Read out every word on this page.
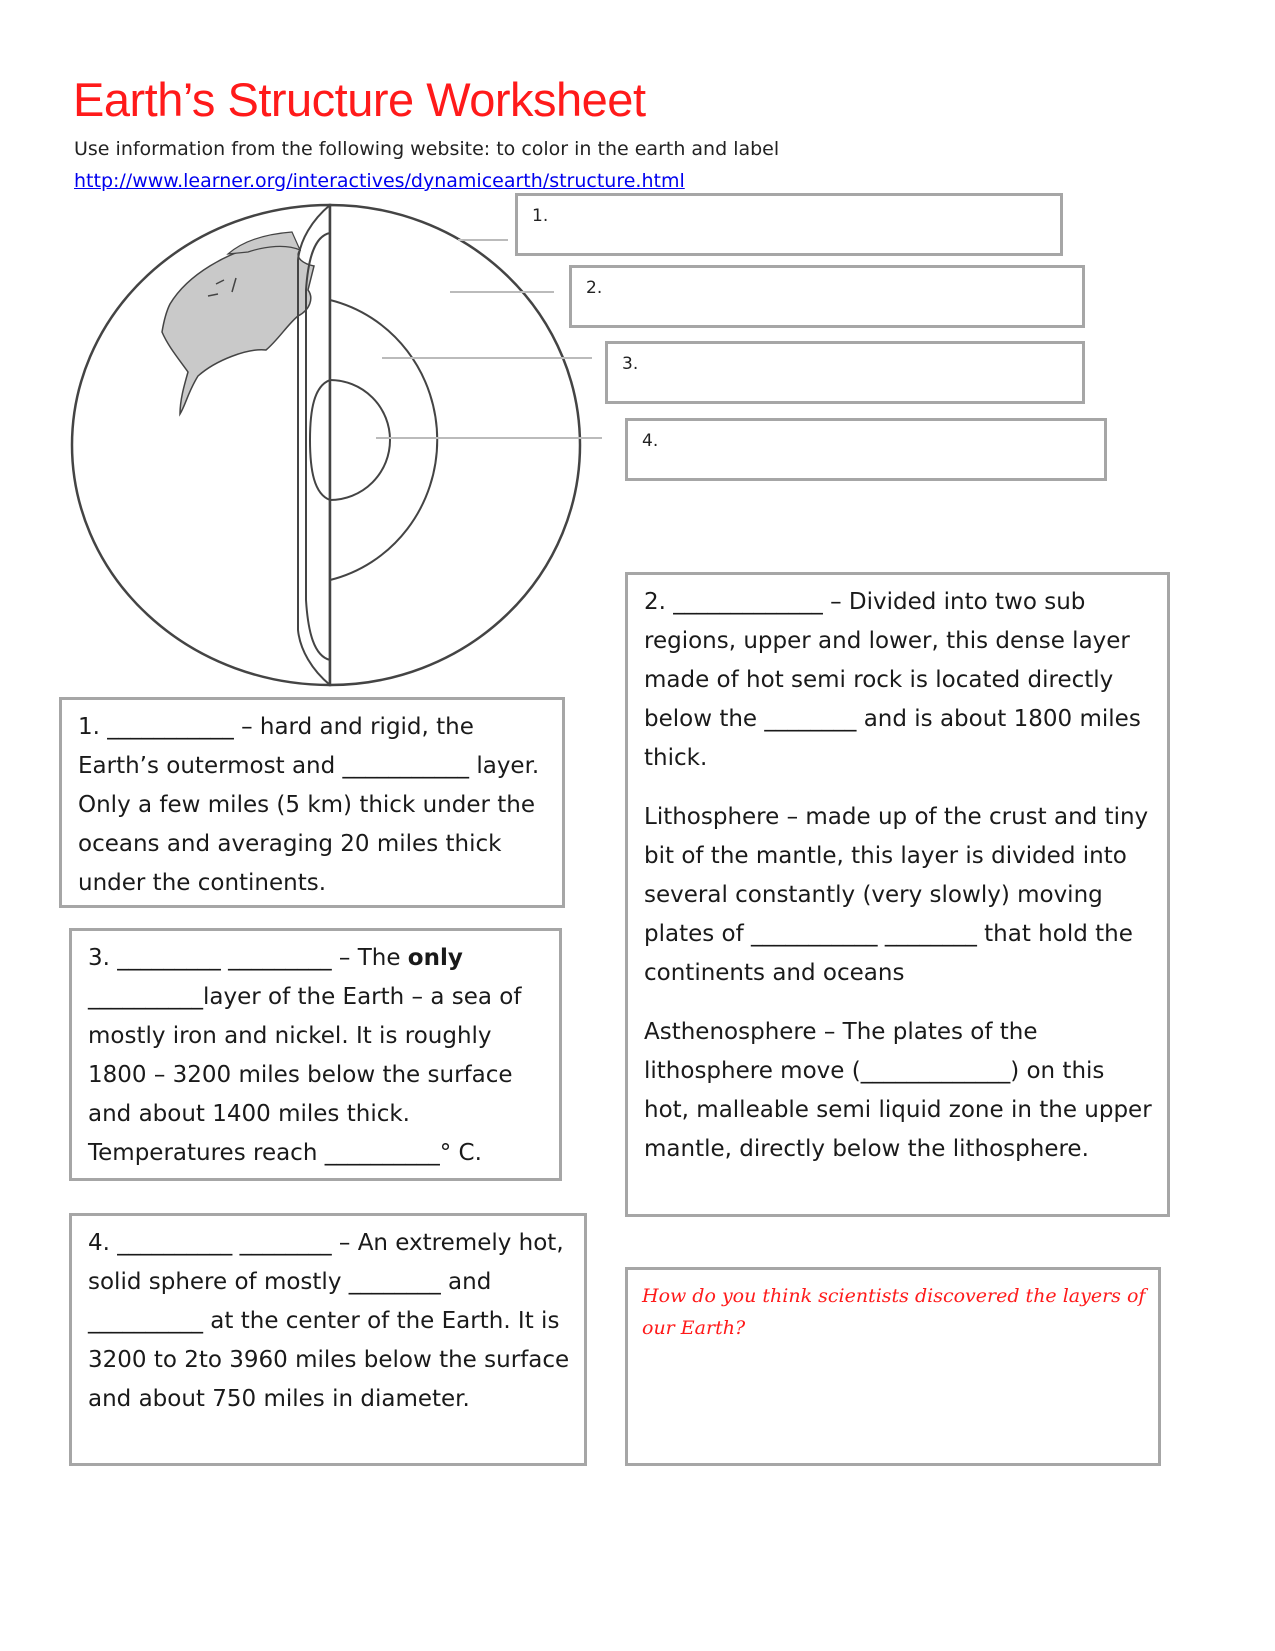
Earth’s Structure Worksheet
Use information from the following website: to color in the earth and label
http://www.learner.org/interactives/dynamicearth/structure.html
1.
2.
3.
4.

1. ___________ – hard and rigid, the Earth’s outermost and ___________ layer. Only a few miles (5 km) thick under the oceans and averaging 20 miles thick under the continents.

3. _________ _________ – The only __________layer of the Earth – a sea of mostly iron and nickel. It is roughly 1800 – 3200 miles below the surface and about 1400 miles thick. Temperatures reach __________° C.

4. __________ ________ – An extremely hot, solid sphere of mostly ________ and __________ at the center of the Earth. It is 3200 to 2to 3960 miles below the surface and about 750 miles in diameter.

2. _____________ – Divided into two sub regions, upper and lower, this dense layer made of hot semi rock is located directly below the ________ and is about 1800 miles thick.

Lithosphere – made up of the crust and tiny bit of the mantle, this layer is divided into several constantly (very slowly) moving plates of ___________ ________ that hold the continents and oceans

Asthenosphere – The plates of the lithosphere move (_____________) on this hot, malleable semi liquid zone in the upper mantle, directly below the lithosphere.

How do you think scientists discovered the layers of our Earth?
